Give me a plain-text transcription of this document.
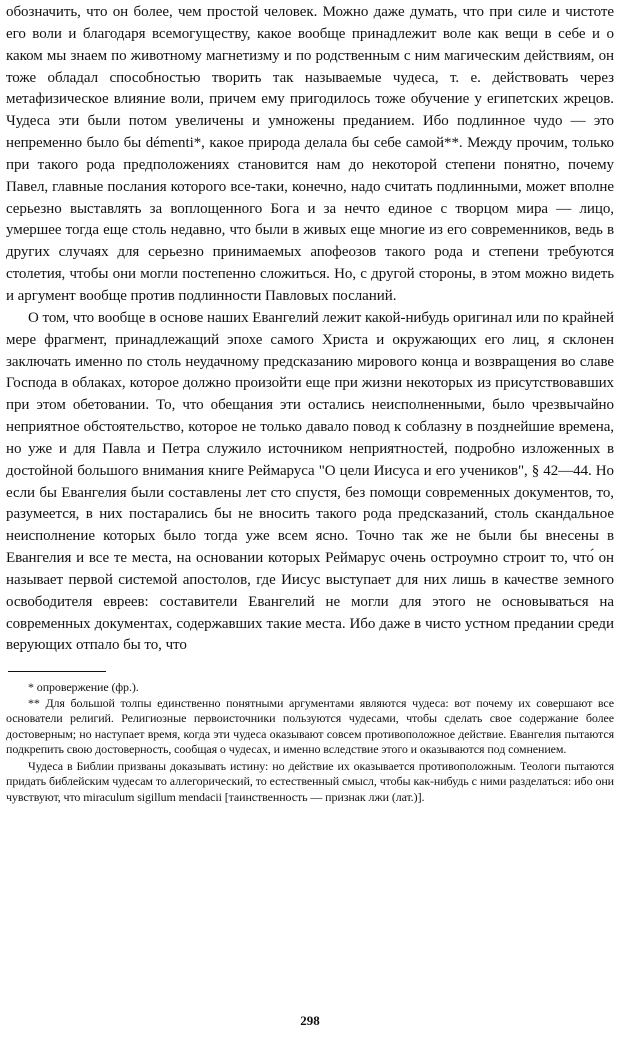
обозначить, что он более, чем простой человек. Можно даже думать, что при силе и чистоте его воли и благодаря всемогуществу, какое вообще принадлежит воле как вещи в себе и о каком мы знаем по животному магнетизму и по родственным с ним магическим действиям, он тоже обладал способностью творить так называемые чудеса, т. е. действовать через метафизическое влияние воли, причем ему пригодилось тоже обучение у египетских жрецов. Чудеса эти были потом увеличены и умножены преданием. Ибо подлинное чудо — это непременно было бы démenti*, какое природа делала бы себе самой**. Между прочим, только при такого рода предположениях становится нам до некоторой степени понятно, почему Павел, главные послания которого все-таки, конечно, надо считать подлинными, может вполне серьезно выставлять за воплощенного Бога и за нечто единое с творцом мира — лицо, умершее тогда еще столь недавно, что были в живых еще многие из его современников, ведь в других случаях для серьезно принимаемых апофеозов такого рода и степени требуются столетия, чтобы они могли постепенно сложиться. Но, с другой стороны, в этом можно видеть и аргумент вообще против подлинности Павловых посланий.

О том, что вообще в основе наших Евангелий лежит какой-нибудь оригинал или по крайней мере фрагмент, принадлежащий эпохе самого Христа и окружающих его лиц, я склонен заключать именно по столь неудачному предсказанию мирового конца и возвращения во славе Господа в облаках, которое должно произойти еще при жизни некоторых из присутствовавших при этом обетовании. То, что обещания эти остались неисполненными, было чрезвычайно неприятное обстоятельство, которое не только давало повод к соблазну в позднейшие времена, но уже и для Павла и Петра служило источником неприятностей, подробно изложенных в достойной большого внимания книге Реймаруса "О цели Иисуса и его учеников", § 42—44. Но если бы Евангелия были составлены лет сто спустя, без помощи современных документов, то, разумеется, в них постарались бы не вносить такого рода предсказаний, столь скандальное неисполнение которых было тогда уже всем ясно. Точно так же не были бы внесены в Евангелия и все те места, на основании которых Реймарус очень остроумно строит то, что́ он называет первой системой апостолов, где Иисус выступает для них лишь в качестве земного освободителя евреев: составители Евангелий не могли для этого не основываться на современных документах, содержавших такие места. Ибо даже в чисто устном предании среди верующих отпало бы то, что

* опровержение (фр.).

** Для большой толпы единственно понятными аргументами являются чудеса: вот почему их совершают все основатели религий. Религиозные первоисточники пользуются чудесами, чтобы сделать свое содержание более достоверным; но наступает время, когда эти чудеса оказывают совсем противоположное действие. Евангелия пытаются подкрепить свою достоверность, сообщая о чудесах, и именно вследствие этого и оказываются под сомнением.

Чудеса в Библии призваны доказывать истину: но действие их оказывается противоположным. Теологи пытаются придать библейским чудесам то аллегорический, то естественный смысл, чтобы как-нибудь с ними разделаться: ибо они чувствуют, что miraculum sigillum mendacii [таинственность — признак лжи (лат.)].

298
